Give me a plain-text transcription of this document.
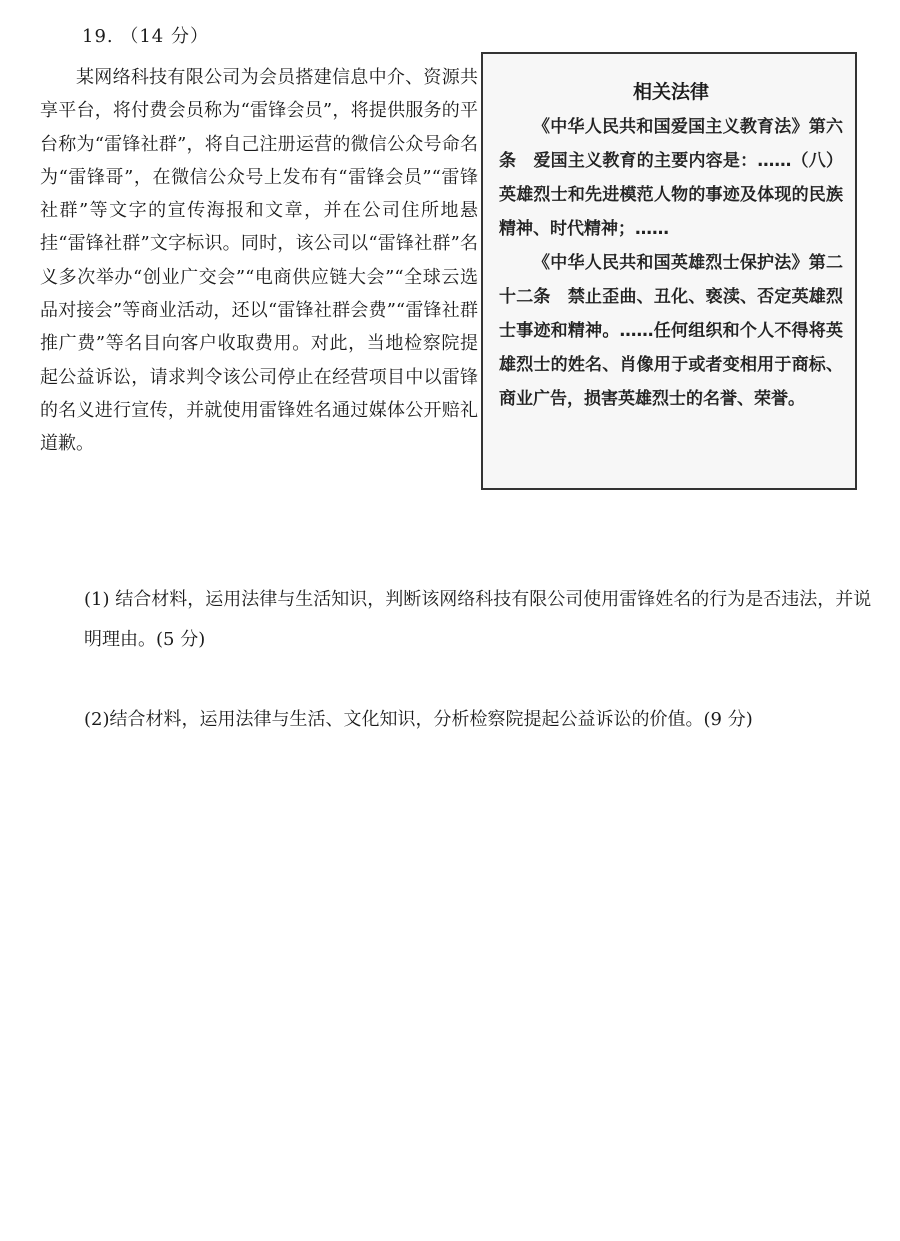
19. （14 分）
某网络科技有限公司为会员搭建信息中介、资源共享平台，将付费会员称为“雷锋会员”，将提供服务的平台称为“雷锋社群”，将自己注册运营的微信公众号命名为“雷锋哥”，在微信公众号上发布有“雷锋会员”“雷锋社群”等文字的宣传海报和文章，并在公司住所地悬挂“雷锋社群”文字标识。同时，该公司以“雷锋社群”名义多次举办“创业广交会”“电商供应链大会”“全球云选品对接会”等商业活动，还以“雷锋社群会费”“雷锋社群推广费”等名目向客户收取费用。对此，当地检察院提起公益诉讼，请求判令该公司停止在经营项目中以雷锋的名义进行宣传，并就使用雷锋姓名通过媒体公开赔礼道歉。
相关法律
《中华人民共和国爱国主义教育法》第六条　爱国主义教育的主要内容是：……（八）英雄烈士和先进模范人物的事迹及体现的民族精神、时代精神；……
《中华人民共和国英雄烈士保护法》第二十二条　禁止歪曲、丑化、亵渎、否定英雄烈士事迹和精神。……任何组织和个人不得将英雄烈士的姓名、肖像用于或者变相用于商标、商业广告，损害英雄烈士的名誉、荣誉。
(1) 结合材料，运用法律与生活知识，判断该网络科技有限公司使用雷锋姓名的行为是否违法，并说明理由。(5 分)
(2)结合材料，运用法律与生活、文化知识，分析检察院提起公益诉讼的价值。(9 分)
